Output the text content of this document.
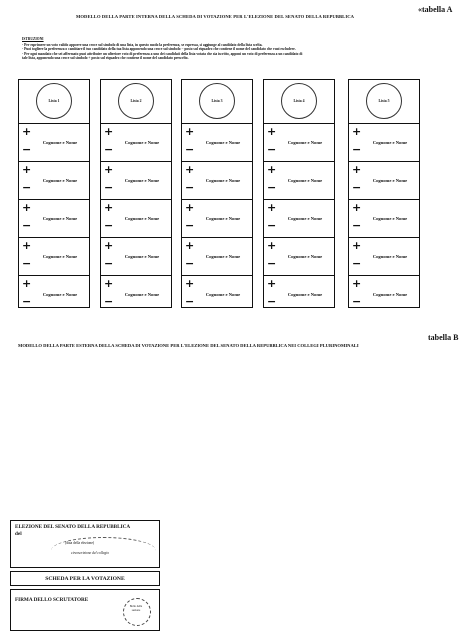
«tabella A
MODELLO DELLA PARTE INTERNA DELLA SCHEDA DI VOTAZIONE PER L'ELEZIONE DEL SENATO DELLA REPUBBLICA
ISTRUZIONI
- Per esprimere un voto valido apporre una croce sul simbolo di una lista, in questo modo la preferenza, se espressa, si aggiunge al candidato della lista scelta.
- Puoi togliere la preferenza o cambiare il tuo candidato della tua lista apponendo una croce sul simbolo − posto sul riquadro che contiene il nome del candidato che vuoi escludere.
- Per ogni mandato che sei affermato puoi attribuire un ulteriore voto di preferenza a uno dei candidati della lista votata che sia iscritto, apponi un voto di preferenza a un candidato di
tale lista, apponendo una croce sul simbolo + posto sul riquadro che contiene il nome del candidato prescelto.
Lista 1
+
−
Cognome e Nome
+
−
Cognome e Nome
+
−
Cognome e Nome
+
−
Cognome e Nome
+
−
Cognome e Nome
Lista 2
+
−
Cognome e Nome
+
−
Cognome e Nome
+
−
Cognome e Nome
+
−
Cognome e Nome
+
−
Cognome e Nome
Lista 3
+
−
Cognome e Nome
+
−
Cognome e Nome
+
−
Cognome e Nome
+
−
Cognome e Nome
+
−
Cognome e Nome
Lista 4
+
−
Cognome e Nome
+
−
Cognome e Nome
+
−
Cognome e Nome
+
−
Cognome e Nome
+
−
Cognome e Nome
Lista 5
+
−
Cognome e Nome
+
−
Cognome e Nome
+
−
Cognome e Nome
+
−
Cognome e Nome
+
−
Cognome e Nome
tabella B
MODELLO DELLA PARTE ESTERNA DELLA SCHEDA DI VOTAZIONE PER L'ELEZIONE DEL SENATO DELLA REPUBBLICA NEI COLLEGI PLURINOMINALI
ELEZIONE DEL SENATO DELLA REPUBBLICA
del
(data della elezione)
circoscrizione del collegio
SCHEDA PER LA VOTAZIONE
FIRMA DELLO SCRUTATORE
Bollo della sezione
